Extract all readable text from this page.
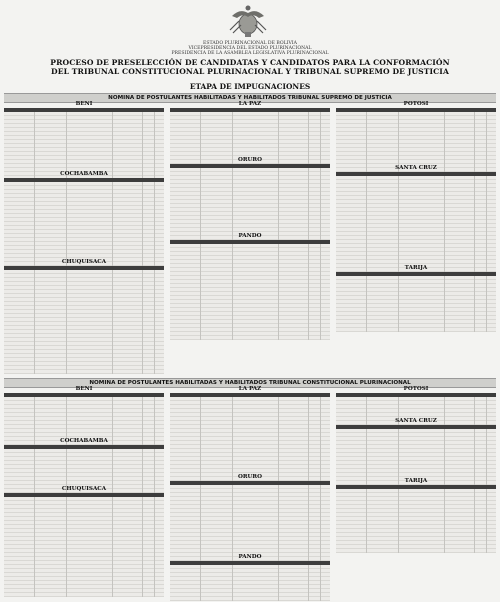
ESTADO PLURINACIONAL DE BOLIVIA
VICEPRESIDENCIA DEL ESTADO PLURINACIONAL
PRESIDENCIA DE LA ASAMBLEA LEGISLATIVA PLURINACIONAL
PROCESO DE PRESELECCIÓN DE CANDIDATAS Y CANDIDATOS PARA LA CONFORMACIÓN
DEL TRIBUNAL CONSTITUCIONAL PLURINACIONAL Y TRIBUNAL SUPREMO DE JUSTICIA
ETAPA DE IMPUGNACIONES
NOMINA DE POSTULANTES HABILITADAS Y HABILITADOS TRIBUNAL SUPREMO DE JUSTICIA
BENI	LA PAZ	POTOSI
COCHABAMBA
SANTA CRUZ
ORURO
CHUQUISACA
PANDO
TARIJA
NOMINA DE POSTULANTES HABILITADAS Y HABILITADOS TRIBUNAL CONSTITUCIONAL PLURINACIONAL
BENI	LA PAZ	POTOSI
COCHABAMBA
SANTA CRUZ
ORURO
CHUQUISACA
TARIJA
PANDO
